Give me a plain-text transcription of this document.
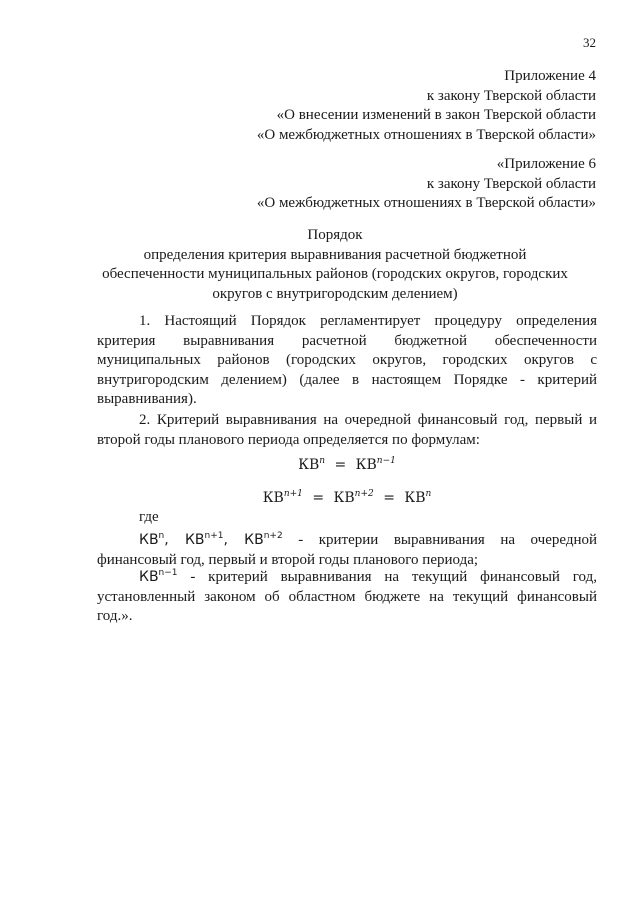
32
Приложение 4
к закону Тверской области
«О внесении изменений в закон Тверской области
«О межбюджетных отношениях в Тверской области»
«Приложение 6
к закону Тверской области
«О межбюджетных отношениях в Тверской области»
Порядок
определения критерия выравнивания расчетной бюджетной
обеспеченности муниципальных районов (городских округов, городских
округов с внутригородским делением)

1. Настоящий Порядок регламентирует процедуру определения критерия выравнивания расчетной бюджетной обеспеченности муниципальных районов (городских округов, городских округов с внутригородским делением) (далее в настоящем Порядке - критерий выравнивания).

2. Критерий выравнивания на очередной финансовый год, первый и второй годы планового периода определяется по формулам:

$КВ^n = КВ^{n-1}$
$КВ^{n+1} = КВ^{n+2} = КВ^n$
где

$КВ^n$, $КВ^{n+1}$, $КВ^{n+2}$ - критерии выравнивания на очередной финансовый год, первый и второй годы планового периода;

$КВ^{n-1}$ - критерий выравнивания на текущий финансовый год, установленный законом об областном бюджете на текущий финансовый год.».
